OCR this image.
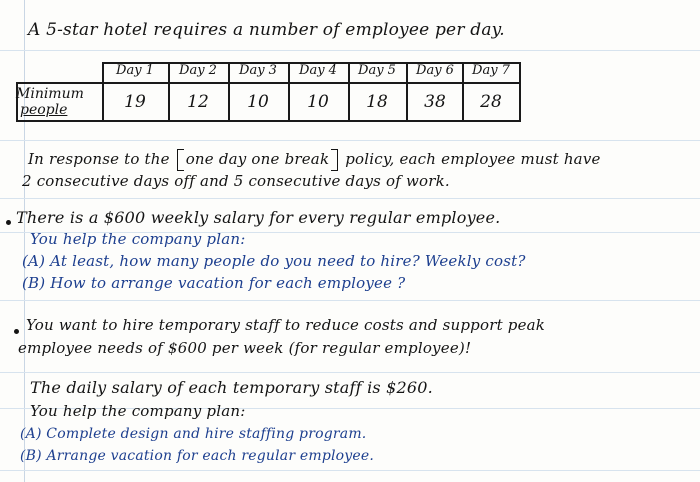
A 5-star hotel requires a number of employee per day.
Minimum
people
Day 1	Day 2	Day 3	Day 4	Day 5	Day 6	Day 7
19	12	10	10	18	38	28
In response to the one day one break policy, each employee must have
2 consecutive days off and 5 consecutive days of work.
There is a $600 weekly salary for every regular employee.
You help the company plan:
(A) At least, how many people do you need to hire? Weekly cost?
(B) How to arrange vacation for each employee ?
You want to hire temporary staff to reduce costs and support peak
employee needs of $600 per week (for regular employee)!
The daily salary of each temporary staff is $260.
You help the company plan:
(A) Complete design and hire staffing program.
(B) Arrange vacation for each regular employee.
